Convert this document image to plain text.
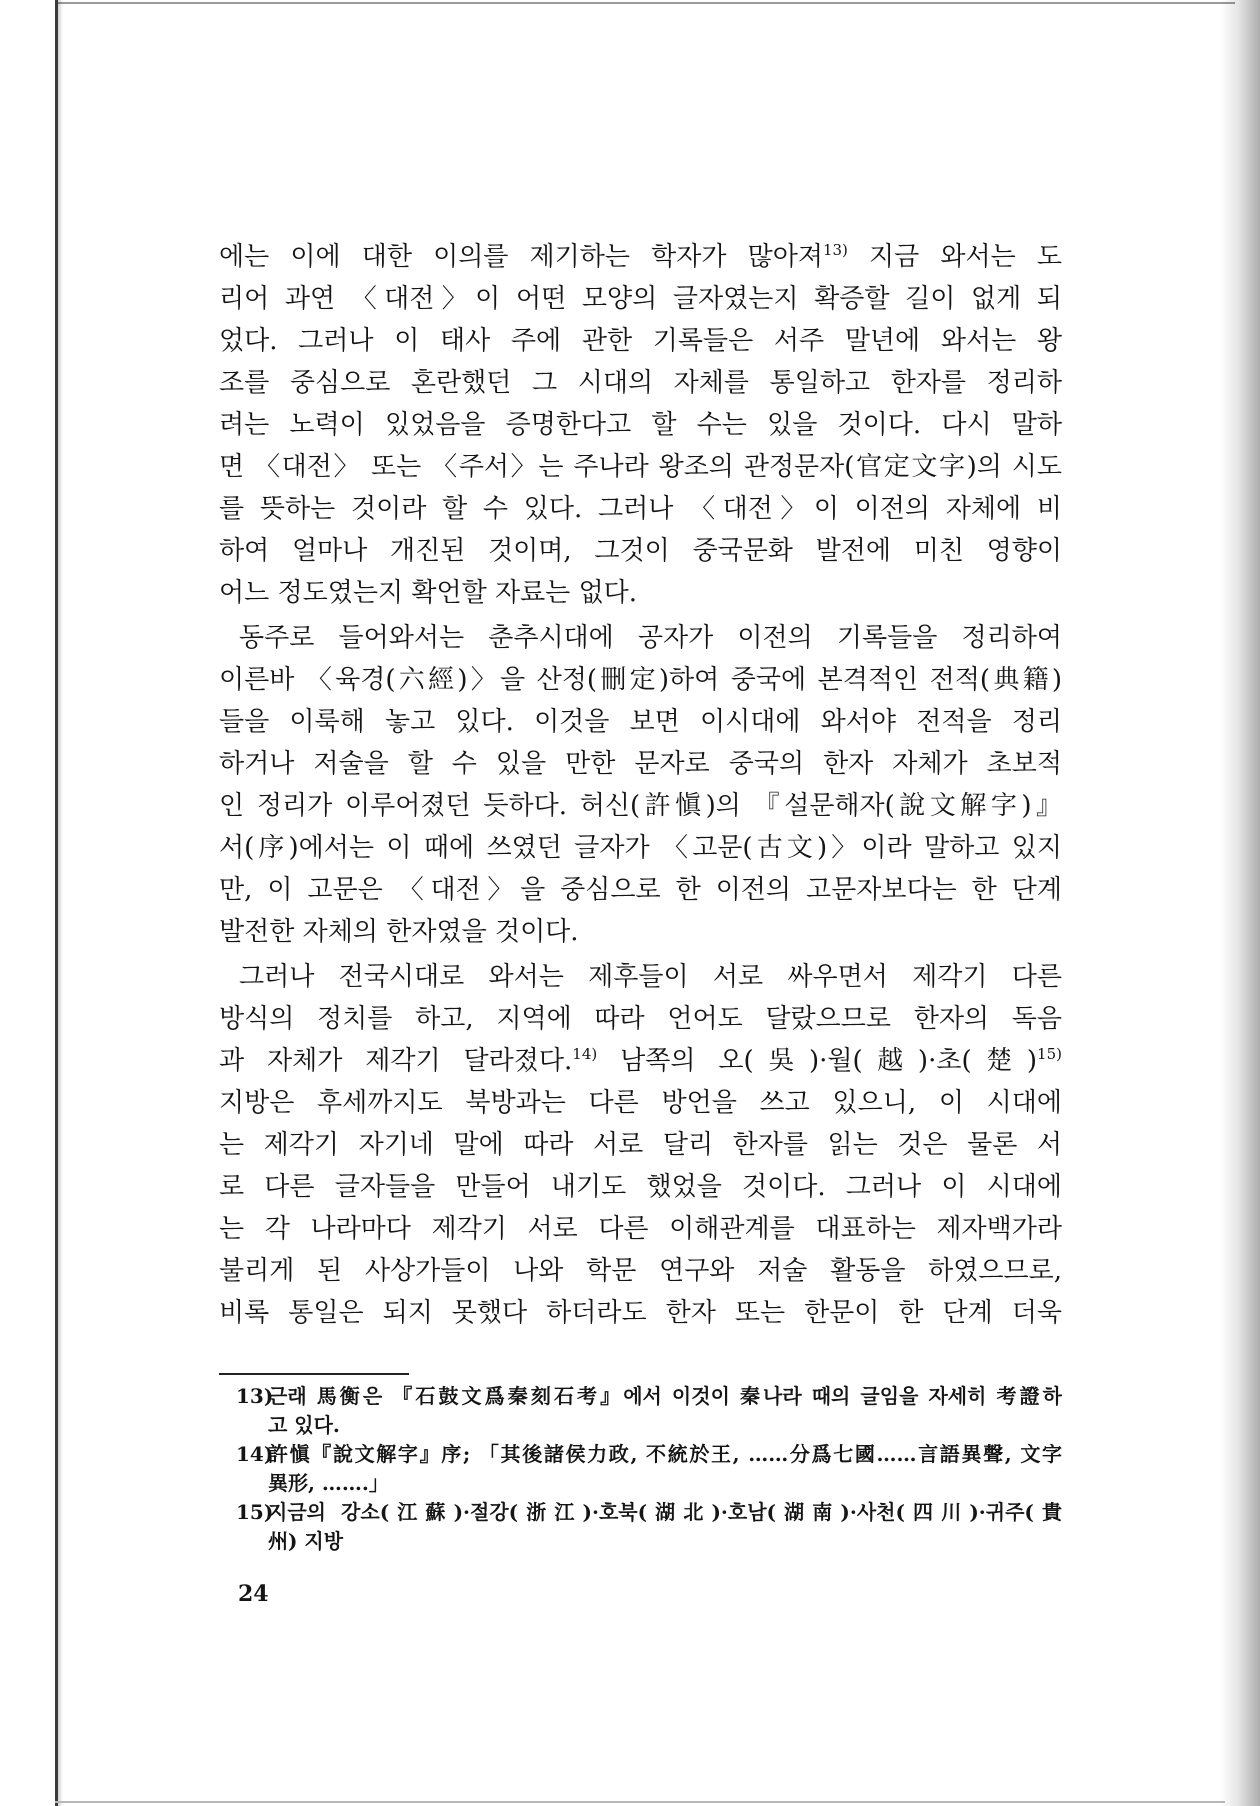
에는 이에 대한 이의를 제기하는 학자가 많아져$^{13)}$ 지금 와서는 도
리어 과연 〈대전〉이 어떤 모양의 글자였는지 확증할 길이 없게 되
었다. 그러나 이 태사 주에 관한 기록들은 서주 말년에 와서는 왕
조를 중심으로 혼란했던 그 시대의 자체를 통일하고 한자를 정리하
려는 노력이 있었음을 증명한다고 할 수는 있을 것이다. 다시 말하
면 〈대전〉 또는 〈주서〉는 주나라 왕조의 관정문자(官定文字)의 시도
를 뜻하는 것이라 할 수 있다. 그러나 〈대전〉이 이전의 자체에 비
하여 얼마나 개진된 것이며, 그것이 중국문화 발전에 미친 영향이
어느 정도였는지 확언할 자료는 없다.
동주로 들어와서는 춘추시대에 공자가 이전의 기록들을 정리하여
이른바 〈육경(六經)〉을 산정(刪定)하여 중국에 본격적인 전적(典籍)
들을 이룩해 놓고 있다. 이것을 보면 이시대에 와서야 전적을 정리
하거나 저술을 할 수 있을 만한 문자로 중국의 한자 자체가 초보적
인 정리가 이루어졌던 듯하다. 허신(許愼)의 『설문해자(說文解字)』
서(序)에서는 이 때에 쓰였던 글자가 〈고문(古文)〉이라 말하고 있지
만, 이 고문은 〈대전〉을 중심으로 한 이전의 고문자보다는 한 단계
발전한 자체의 한자였을 것이다.
그러나 전국시대로 와서는 제후들이 서로 싸우면서 제각기 다른
방식의 정치를 하고, 지역에 따라 언어도 달랐으므로 한자의 독음
과 자체가 제각기 달라졌다.$^{14)}$ 남쪽의 오(吳)·월(越)·초(楚)$^{15)}$
지방은 후세까지도 북방과는 다른 방언을 쓰고 있으니, 이 시대에
는 제각기 자기네 말에 따라 서로 달리 한자를 읽는 것은 물론 서
로 다른 글자들을 만들어 내기도 했었을 것이다. 그러나 이 시대에
는 각 나라마다 제각기 서로 다른 이해관계를 대표하는 제자백가라
불리게 된 사상가들이 나와 학문 연구와 저술 활동을 하였으므로,
비록 통일은 되지 못했다 하더라도 한자 또는 한문이 한 단계 더욱
13)
근래 馬衡은 『石鼓文爲秦刻石考』에서 이것이 秦나라 때의 글임을 자세히 考證하
고 있다.
14)
許愼『說文解字』序; 「其後諸侯力政, 不統於王, ……分爲七國……言語異聲, 文字
異形, …….」
15)
지금의 강소(江蘇)·절강(浙江)·호북(湖北)·호남(湖南)·사천(四川)·귀주(貴
州) 지방
24
